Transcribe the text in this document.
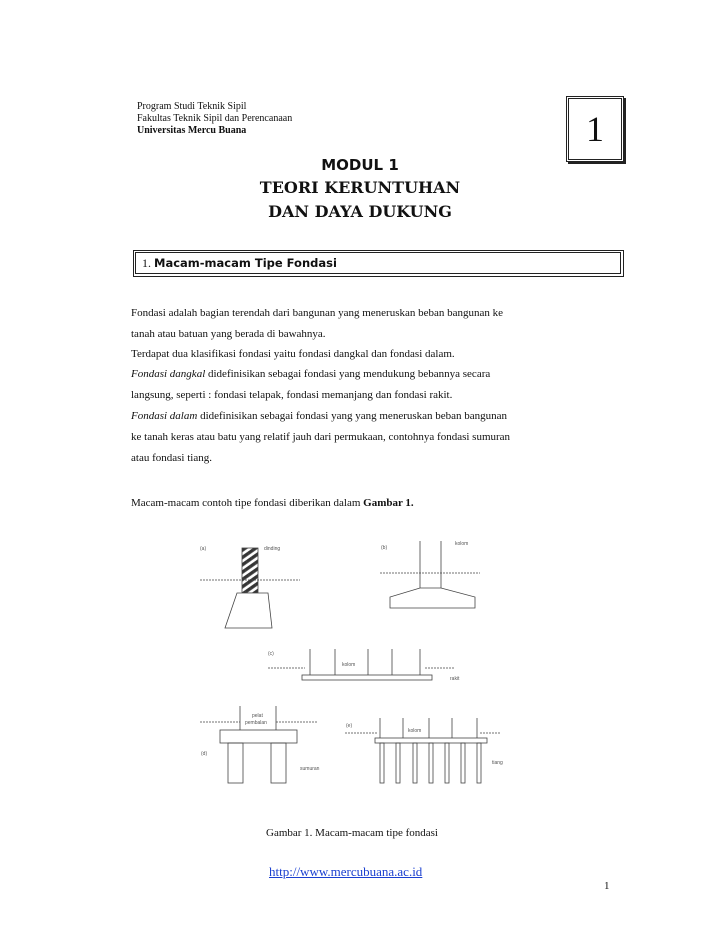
Program Studi Teknik Sipil
Fakultas Teknik Sipil dan Perencanaan
Universitas Mercu Buana	1
MODUL 1
TEORI KERUNTUHAN
DAN DAYA DUKUNG
1. Macam-macam Tipe Fondasi
Fondasi adalah bagian terendah dari bangunan yang meneruskan beban bangunan ke
tanah atau batuan yang berada di bawahnya.
Terdapat dua klasifikasi fondasi yaitu fondasi dangkal dan fondasi dalam.
Fondasi dangkal didefinisikan sebagai fondasi yang mendukung bebannya secara
langsung, seperti : fondasi telapak, fondasi memanjang dan fondasi rakit.
Fondasi dalam didefinisikan sebagai fondasi yang yang meneruskan beban bangunan
ke tanah keras atau batu yang relatif jauh dari permukaan, contohnya fondasi sumuran
atau fondasi tiang.
Macam-macam contoh tipe fondasi diberikan dalam Gambar 1.
(a)	dinding	(b)
kolom
(c)
kolom
rakit
pelat
pembalan
(d)
sumuran
(e)
kolom
tiang
Gambar 1. Macam-macam tipe fondasi
http://www.mercubuana.ac.id
1
